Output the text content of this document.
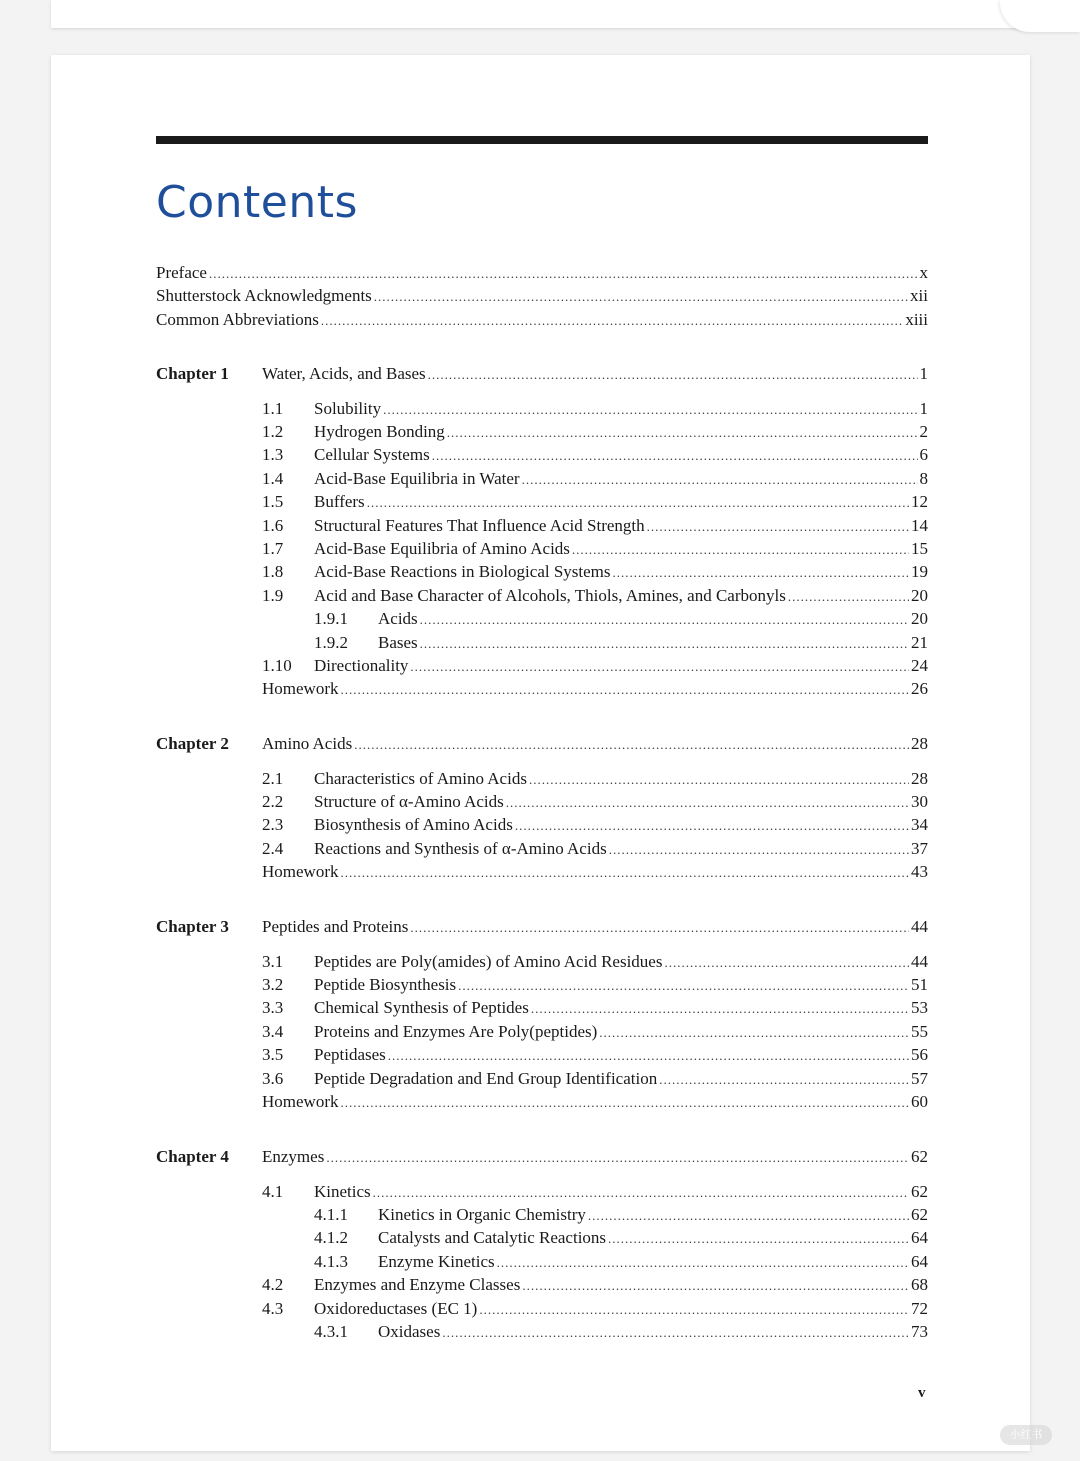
Contents
v
Preface .....	x
Shutterstock Acknowledgments .....	xii
Common Abbreviations .....	xiii
Chapter 1	Water, Acids, and Bases .....	1
1.1	Solubility .....	1
1.2	Hydrogen Bonding .....	2
1.3	Cellular Systems .....	6
1.4	Acid-Base Equilibria in Water .....	8
1.5	Buffers .....	12
1.6	Structural Features That Influence Acid Strength .....	14
1.7	Acid-Base Equilibria of Amino Acids .....	15
1.8	Acid-Base Reactions in Biological Systems .....	19
1.9	Acid and Base Character of Alcohols, Thiols, Amines, and Carbonyls .....	20
1.9.1	Acids .....	20
1.9.2	Bases .....	21
1.10	Directionality .....	24
Homework .....	26
Chapter 2	Amino Acids .....	28
2.1	Characteristics of Amino Acids .....	28
2.2	Structure of α-Amino Acids .....	30
2.3	Biosynthesis of Amino Acids .....	34
2.4	Reactions and Synthesis of α-Amino Acids .....	37
Homework .....	43
Chapter 3	Peptides and Proteins .....	44
3.1	Peptides are Poly(amides) of Amino Acid Residues .....	44
3.2	Peptide Biosynthesis .....	51
3.3	Chemical Synthesis of Peptides .....	53
3.4	Proteins and Enzymes Are Poly(peptides) .....	55
3.5	Peptidases .....	56
3.6	Peptide Degradation and End Group Identification .....	57
Homework .....	60
Chapter 4	Enzymes .....	62
4.1	Kinetics .....	62
4.1.1	Kinetics in Organic Chemistry .....	62
4.1.2	Catalysts and Catalytic Reactions .....	64
4.1.3	Enzyme Kinetics .....	64
4.2	Enzymes and Enzyme Classes .....	68
4.3	Oxidoreductases (EC 1) .....	72
4.3.1	Oxidases .....	73
小红书
